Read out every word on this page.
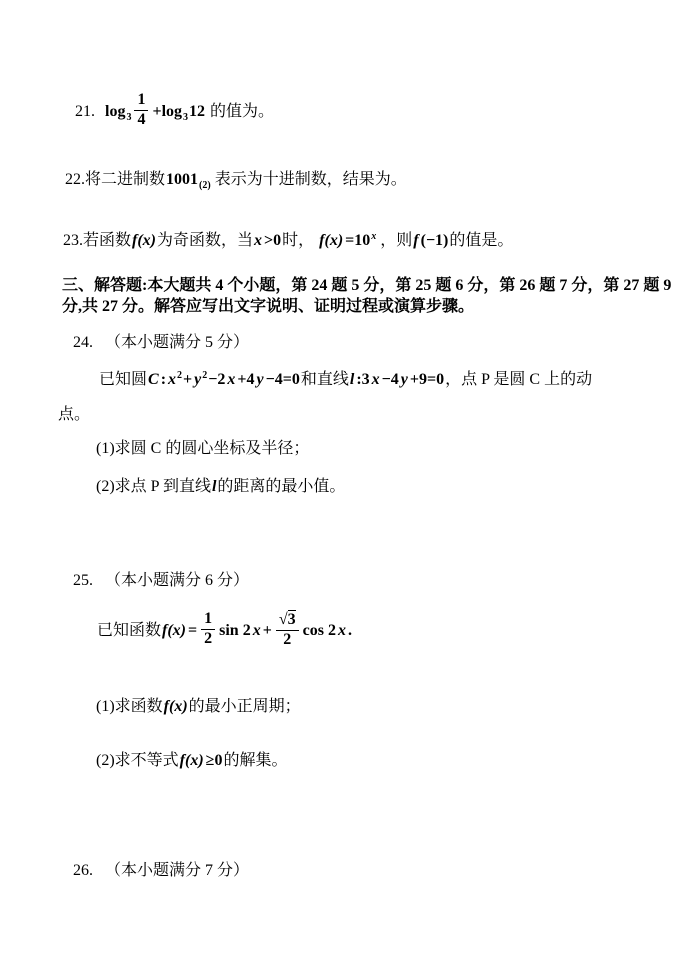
21. $\log_3 \frac{1}{4} +\log_312$ 的值为。
22.将二进制数$1001_{(2)}$ 表示为十进制数，结果为。
23.若函数f(x)为奇函数，当x >0时， $f(x) =10^x$ ，则f (−1)的值是。
三、解答题:本大题共 4 个小题，第 24 题 5 分，第 25 题 6 分，第 26 题 7 分，第 27 题 9
分,共 27 分。解答应写出文字说明、证明过程或演算步骤。
24. （本小题满分 5 分）
已知圆C : $x^2+ y^2-2$ x +4 y −4=0和直线l :3 x −4 y +9=0，点 P 是圆 C 上的动
点。
(1)求圆 C 的圆心坐标及半径；
(2)求点 P 到直线l的距离的最小值。
25. （本小题满分 6 分）
已知函数$f(x) = \frac{1}{2}$ sin 2 $x + \frac{√3}{2}$ cos 2 x .
(1)求函数f(x)的最小正周期；
(2)求不等式f(x) ≥0的解集。
26. （本小题满分 7 分）
